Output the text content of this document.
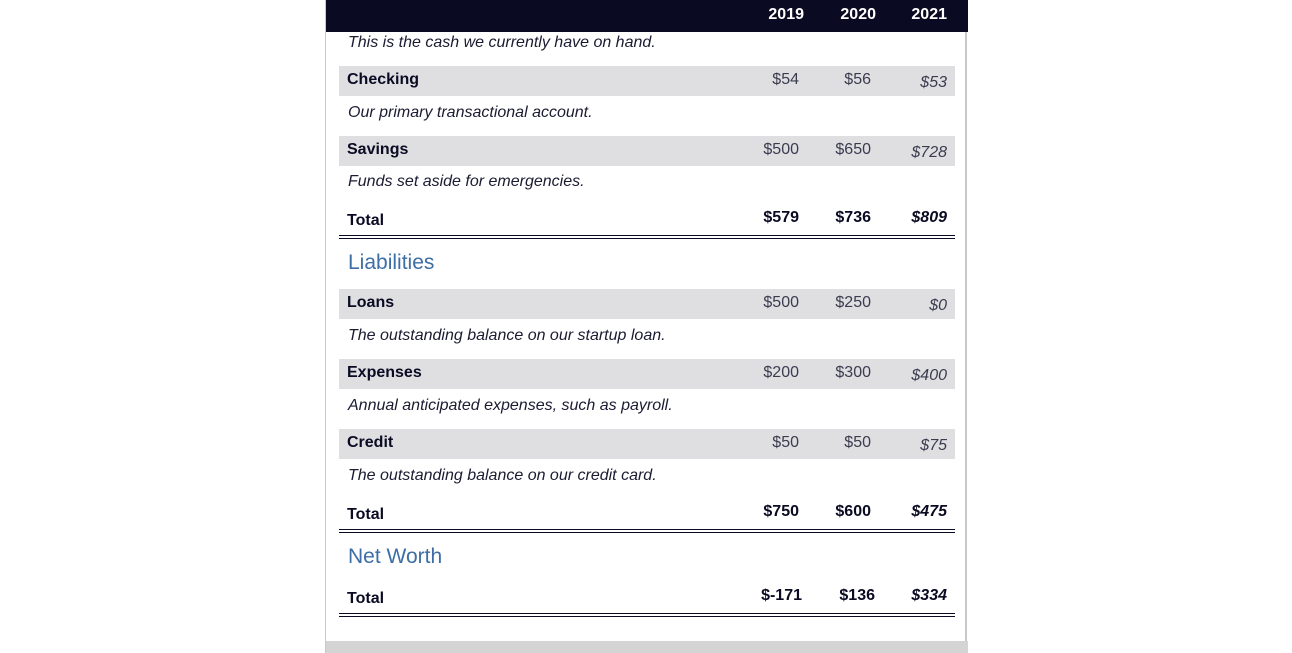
2019	2020	2021
This is the cash we currently have on hand.
Checking	$54	$56	$53
Our primary transactional account.
Savings	$500	$650	$728
Funds set aside for emergencies.
Total	$579	$736	$809
Liabilities
Loans	$500	$250	$0
The outstanding balance on our startup loan.
Expenses	$200	$300	$400
Annual anticipated expenses, such as payroll.
Credit	$50	$50	$75
The outstanding balance on our credit card.
Total	$750	$600	$475
Net Worth
Total	$-171	$136	$334
